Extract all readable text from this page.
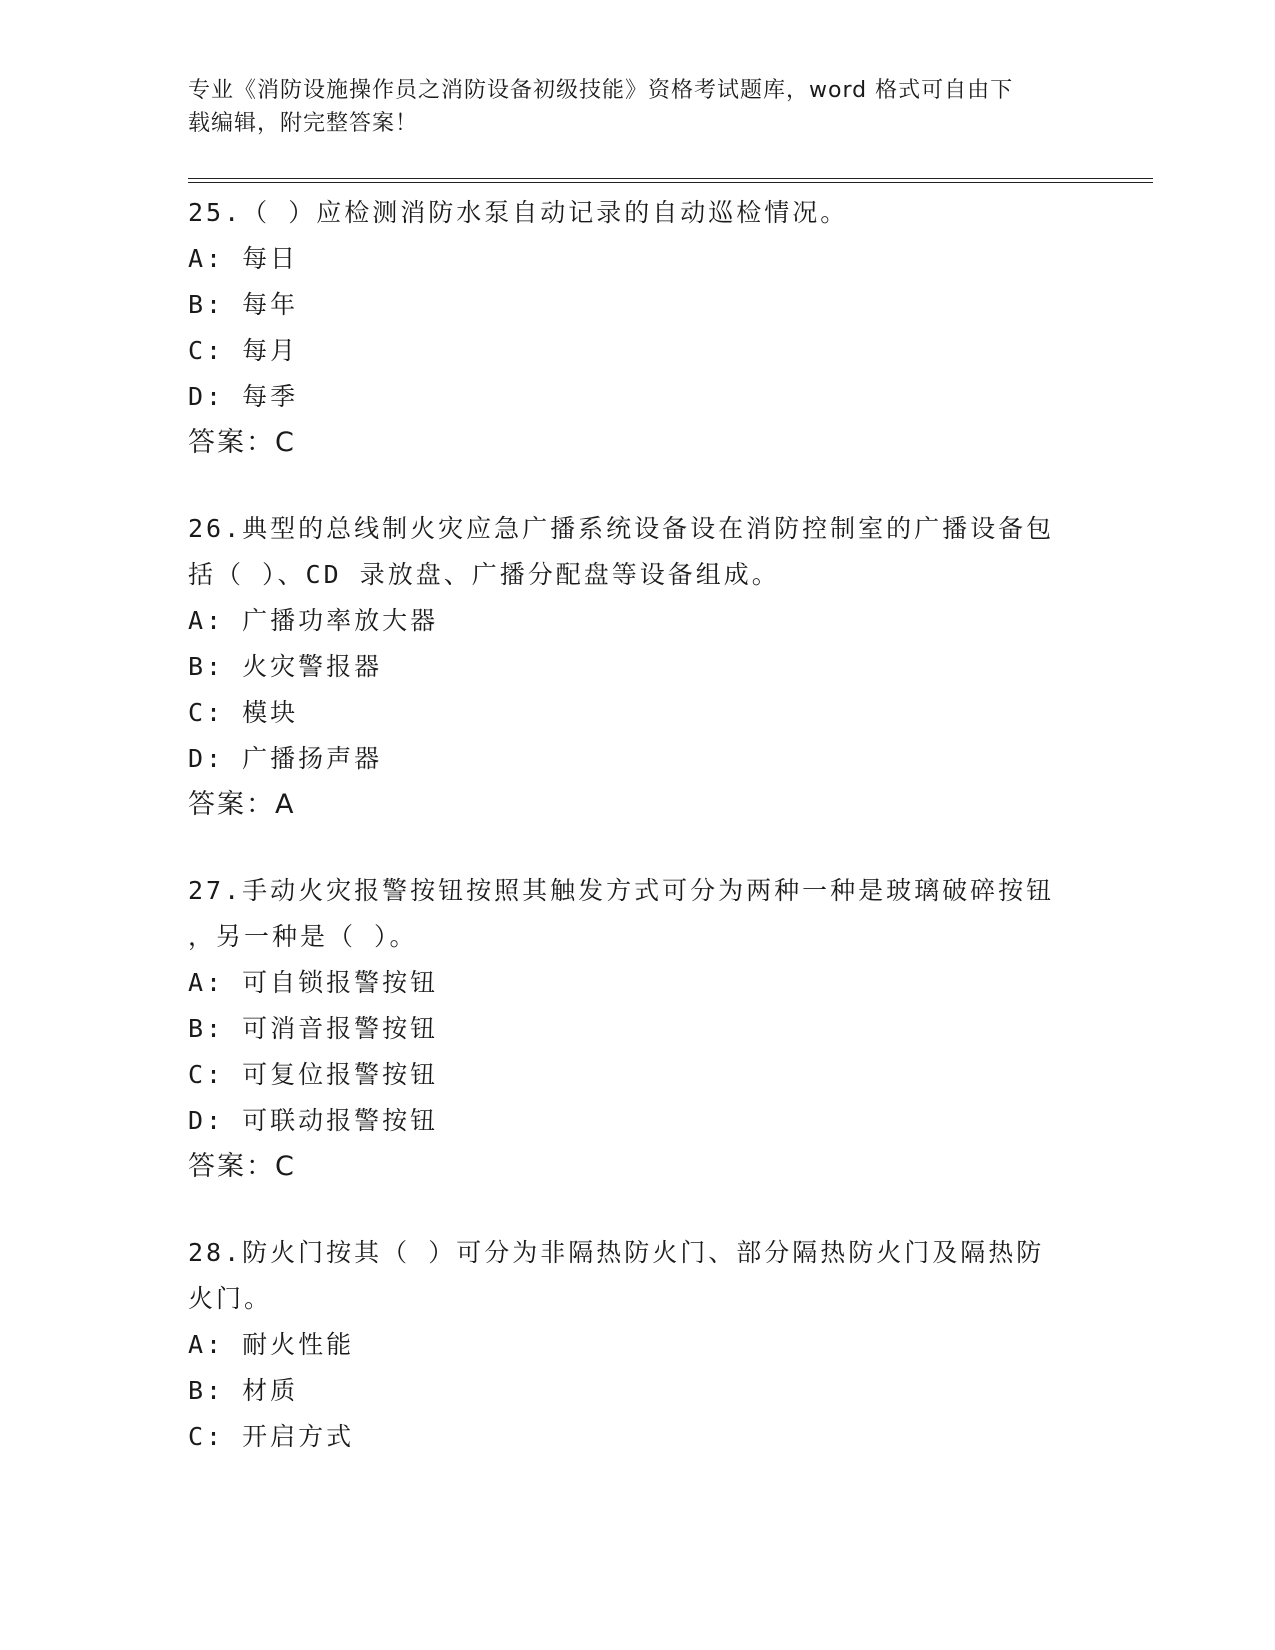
专业《消防设施操作员之消防设备初级技能》资格考试题库，word 格式可自由下
载编辑，附完整答案！
25.（ ）应检测消防水泵自动记录的自动巡检情况。
A: 每日
B: 每年
C: 每月
D: 每季
答案：C
26.典型的总线制火灾应急广播系统设备设在消防控制室的广播设备包
括（ ）、CD 录放盘、广播分配盘等设备组成。
A: 广播功率放大器
B: 火灾警报器
C: 模块
D: 广播扬声器
答案：A
27.手动火灾报警按钮按照其触发方式可分为两种一种是玻璃破碎按钮
，另一种是（ ）。
A: 可自锁报警按钮
B: 可消音报警按钮
C: 可复位报警按钮
D: 可联动报警按钮
答案：C
28.防火门按其（ ）可分为非隔热防火门、部分隔热防火门及隔热防
火门。
A: 耐火性能
B: 材质
C: 开启方式
